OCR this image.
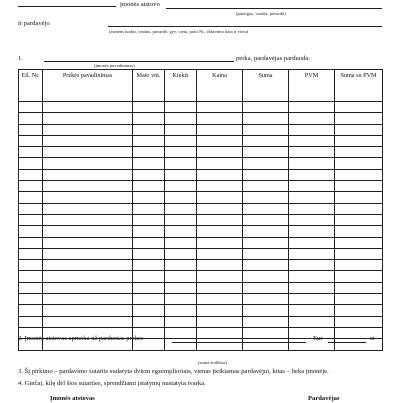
įmonės atstovo
(pareigos, vardas, pavardė)
ir pardavėjo
(asmens kodas, vardas, pavardė, gyv. vieta, paso Nr., išdavimo data ir vieta)
1.	perka, pardavėjas parduoda:
(įmonės pavadinimas)
Eil. Nr.	Prekės pavadinimas	Mato vnt.	Kiekis	Kaina	Suma	PVM	Suma su PVM

2. Įmonės atstovas apmoka už parduotas prekes	Eur	ct
(suma žodžiais)
3. Šį pirkimo – pardavimo sutartis sudaryta dviem egzemplioriais, vienas įteikiamas pardavėjui, kitas – lieka įmonėje.
4. Ginčai, kilę dėl šios sutarties, sprendžiami įstatymų nustatyta tvarka.
Įmonės atstovas	Pardavėjas
